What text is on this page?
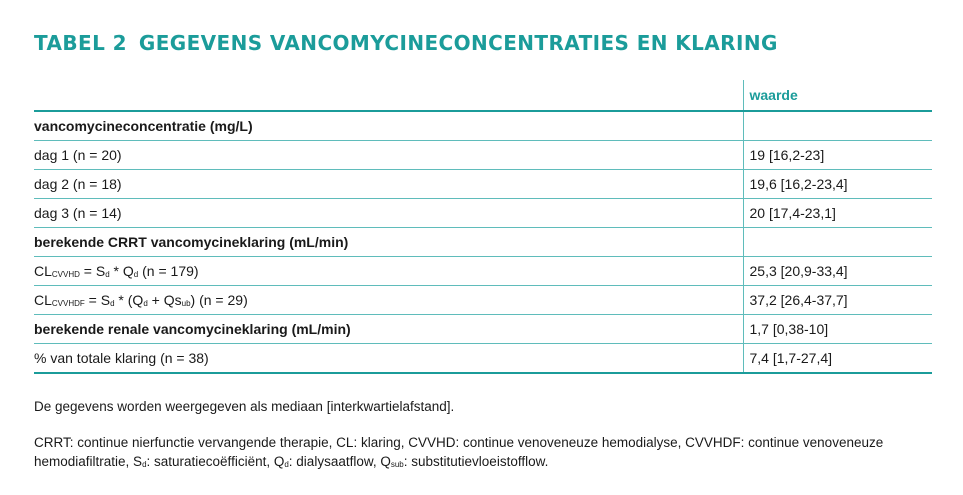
TABEL 2 GEGEVENS VANCOMYCINECONCENTRATIES EN KLARING
	waarde
vancomycineconcentratie (mg/L)	
dag 1 (n = 20)	19 [16,2-23]
dag 2 (n = 18)	19,6 [16,2-23,4]
dag 3 (n = 14)	20 [17,4-23,1]
berekende CRRT vancomycineklaring (mL/min)	
$CL_{CVVHD} = S_d * Q_d$ (n = 179)	25,3 [20,9-33,4]
$CL_{CVVHDF} = S_d * (Q_d + Qs_{ub}) (n = 29)$	37,2 [26,4-37,7]
berekende renale vancomycineklaring (mL/min)	1,7 [0,38-10]
% van totale klaring (n = 38)	7,4 [1,7-27,4]
De gegevens worden weergegeven als mediaan [interkwartielafstand].
CRRT: continue nierfunctie vervangende therapie, CL: klaring, CVVHD: continue venoveneuze hemodialyse, CVVHDF: continue venoveneuze hemodiafiltratie, $S_d$: saturatiecoëfficiënt, $Q_d$: dialysaatflow, $Q_{sub}$: substitutievloeistofflow.
